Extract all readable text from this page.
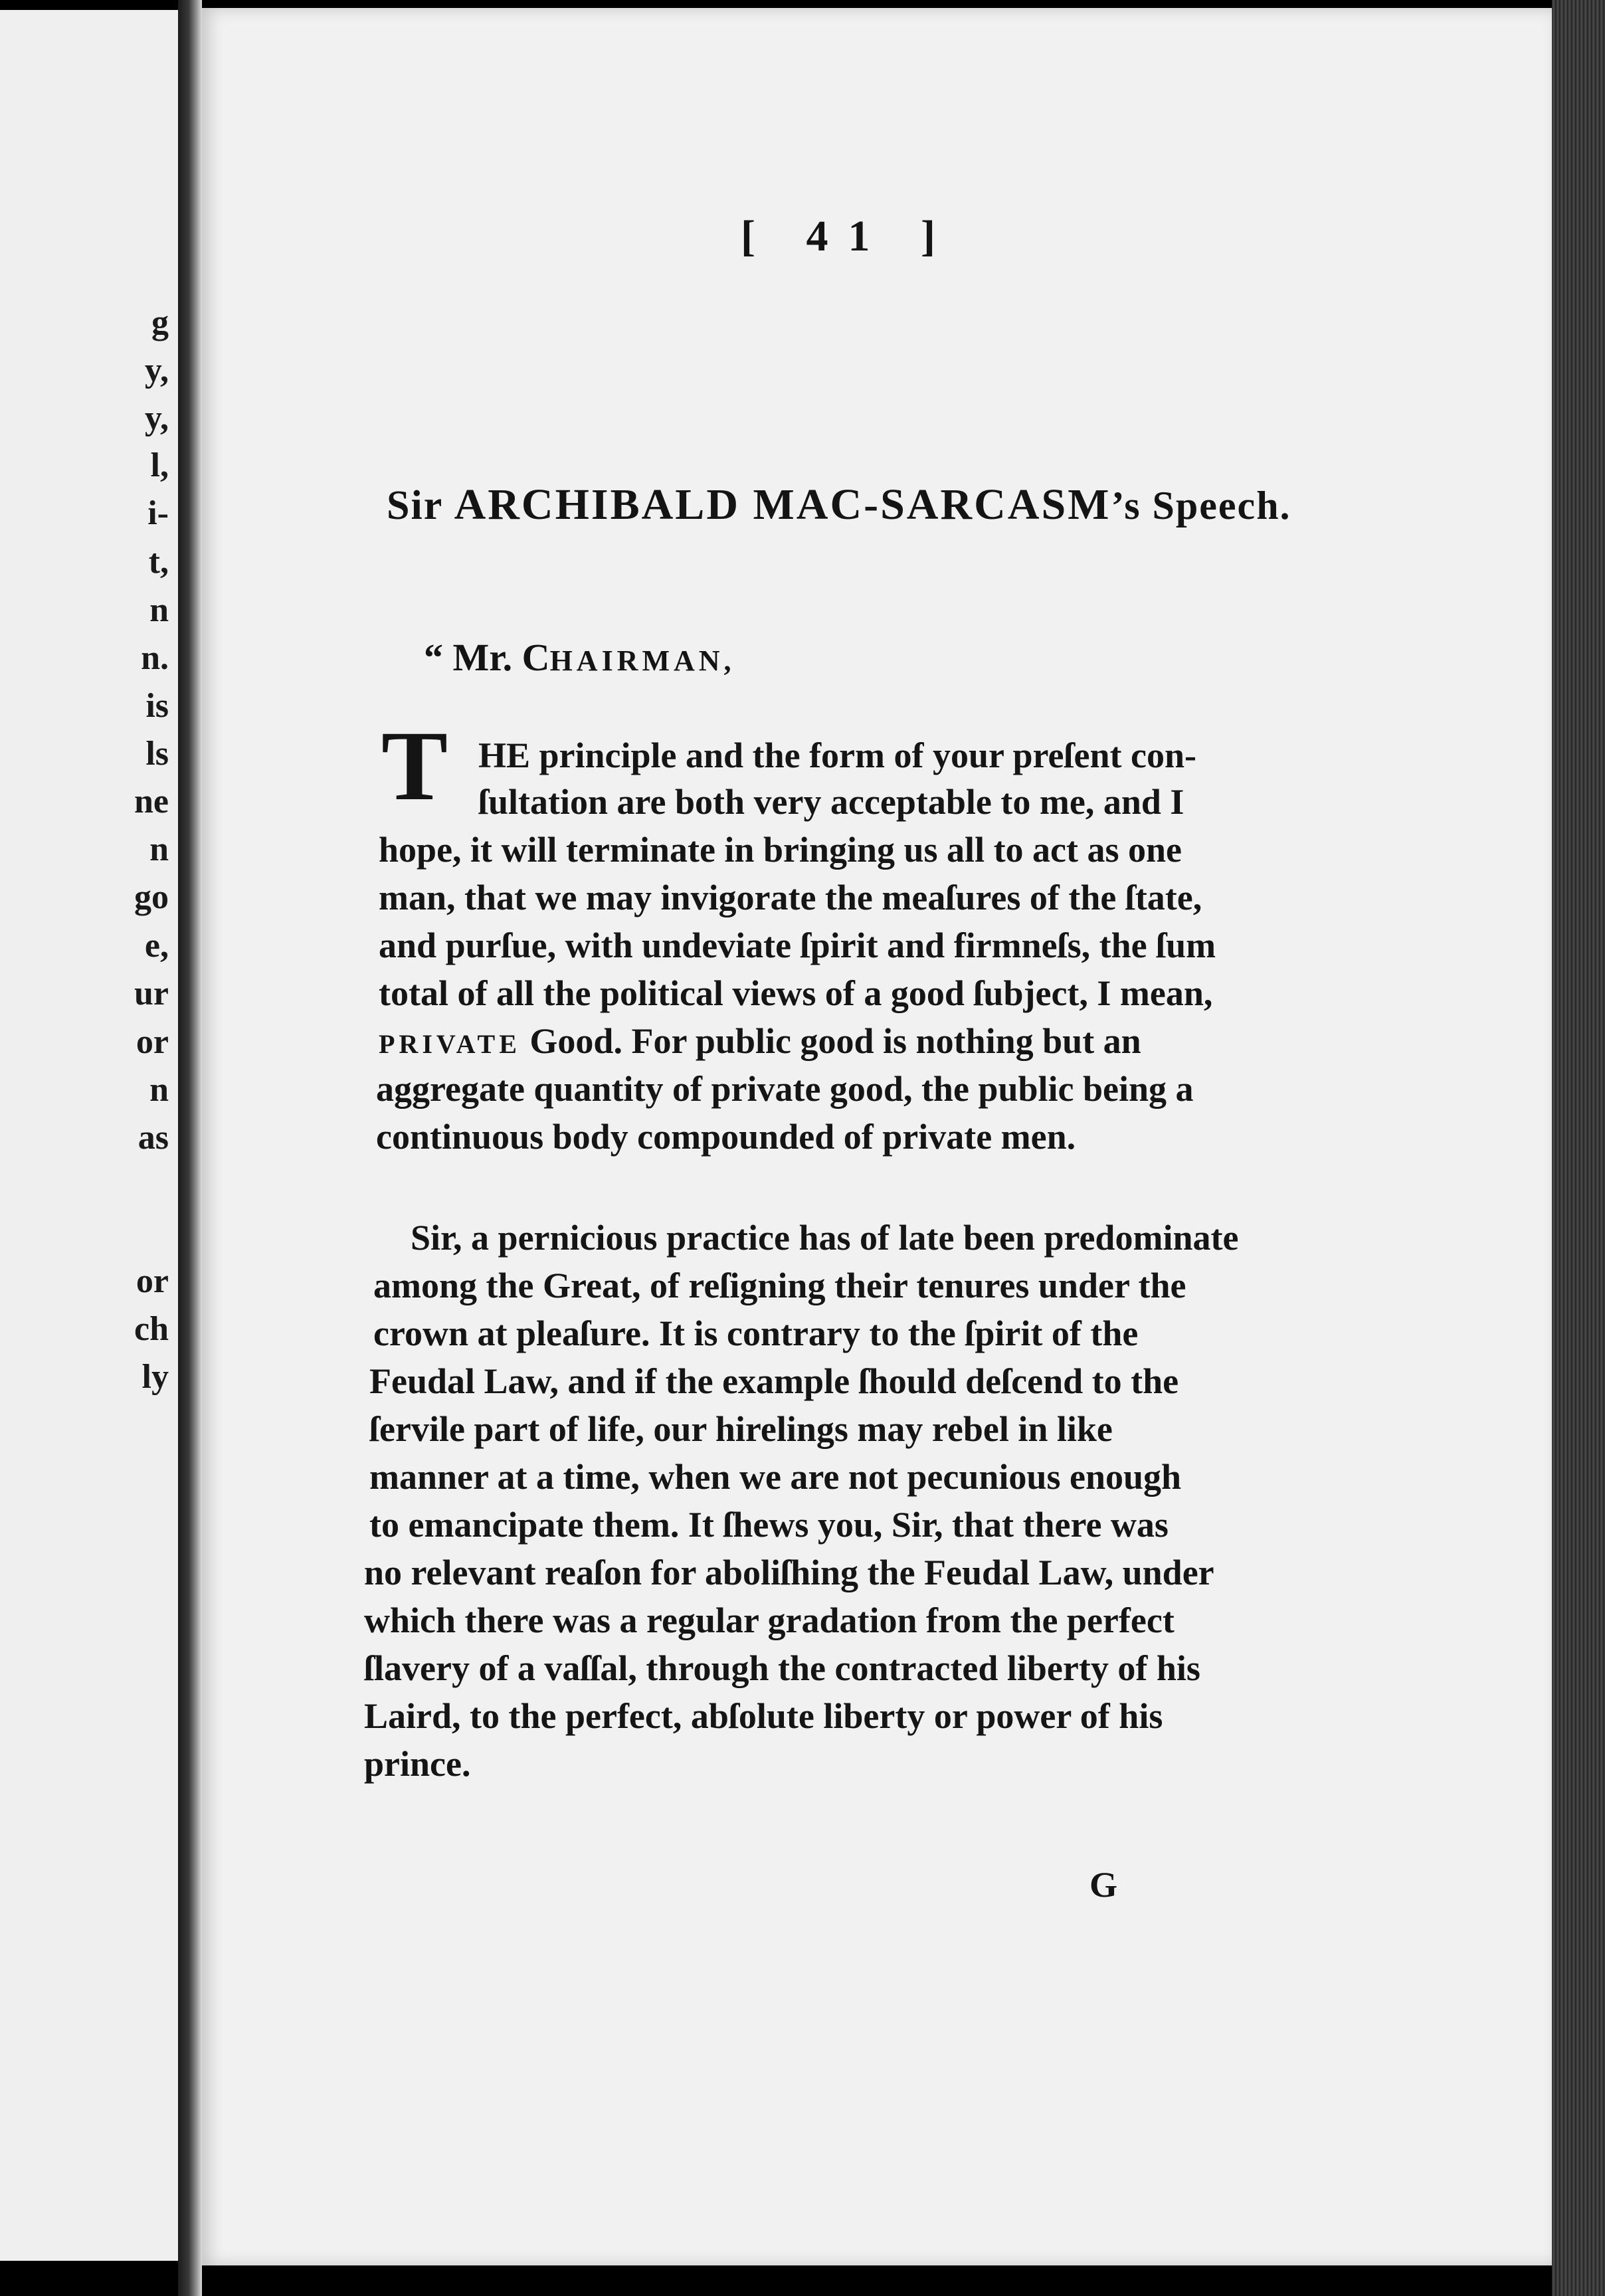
g
y,
y,
l,
i-
t,
n
n.
is
ls
ne
n
go
e,
ur
or
n
as
or
ch
ly
[ 41 ]
Sir ARCHIBALD MAC-SARCASM’s Speech.
“ Mr. CHAIRMAN,
T HE principle and the form of your preſent con-
ſultation are both very acceptable to me, and I
hope, it will terminate in bringing us all to act as one
man, that we may invigorate the meaſures of the ſtate,
and purſue, with undeviate ſpirit and firmneſs, the ſum
total of all the political views of a good ſubject, I mean,
PRIVATE Good. For public good is nothing but an
aggregate quantity of private good, the public being a
continuous body compounded of private men.
Sir, a pernicious practice has of late been predominate
among the Great, of reſigning their tenures under the
crown at pleaſure. It is contrary to the ſpirit of the
Feudal Law, and if the example ſhould deſcend to the
ſervile part of life, our hirelings may rebel in like
manner at a time, when we are not pecunious enough
to emancipate them. It ſhews you, Sir, that there was
no relevant reaſon for aboliſhing the Feudal Law, under
which there was a regular gradation from the perfect
ſlavery of a vaſſal, through the contracted liberty of his
Laird, to the perfect, abſolute liberty or power of his
prince.
G
